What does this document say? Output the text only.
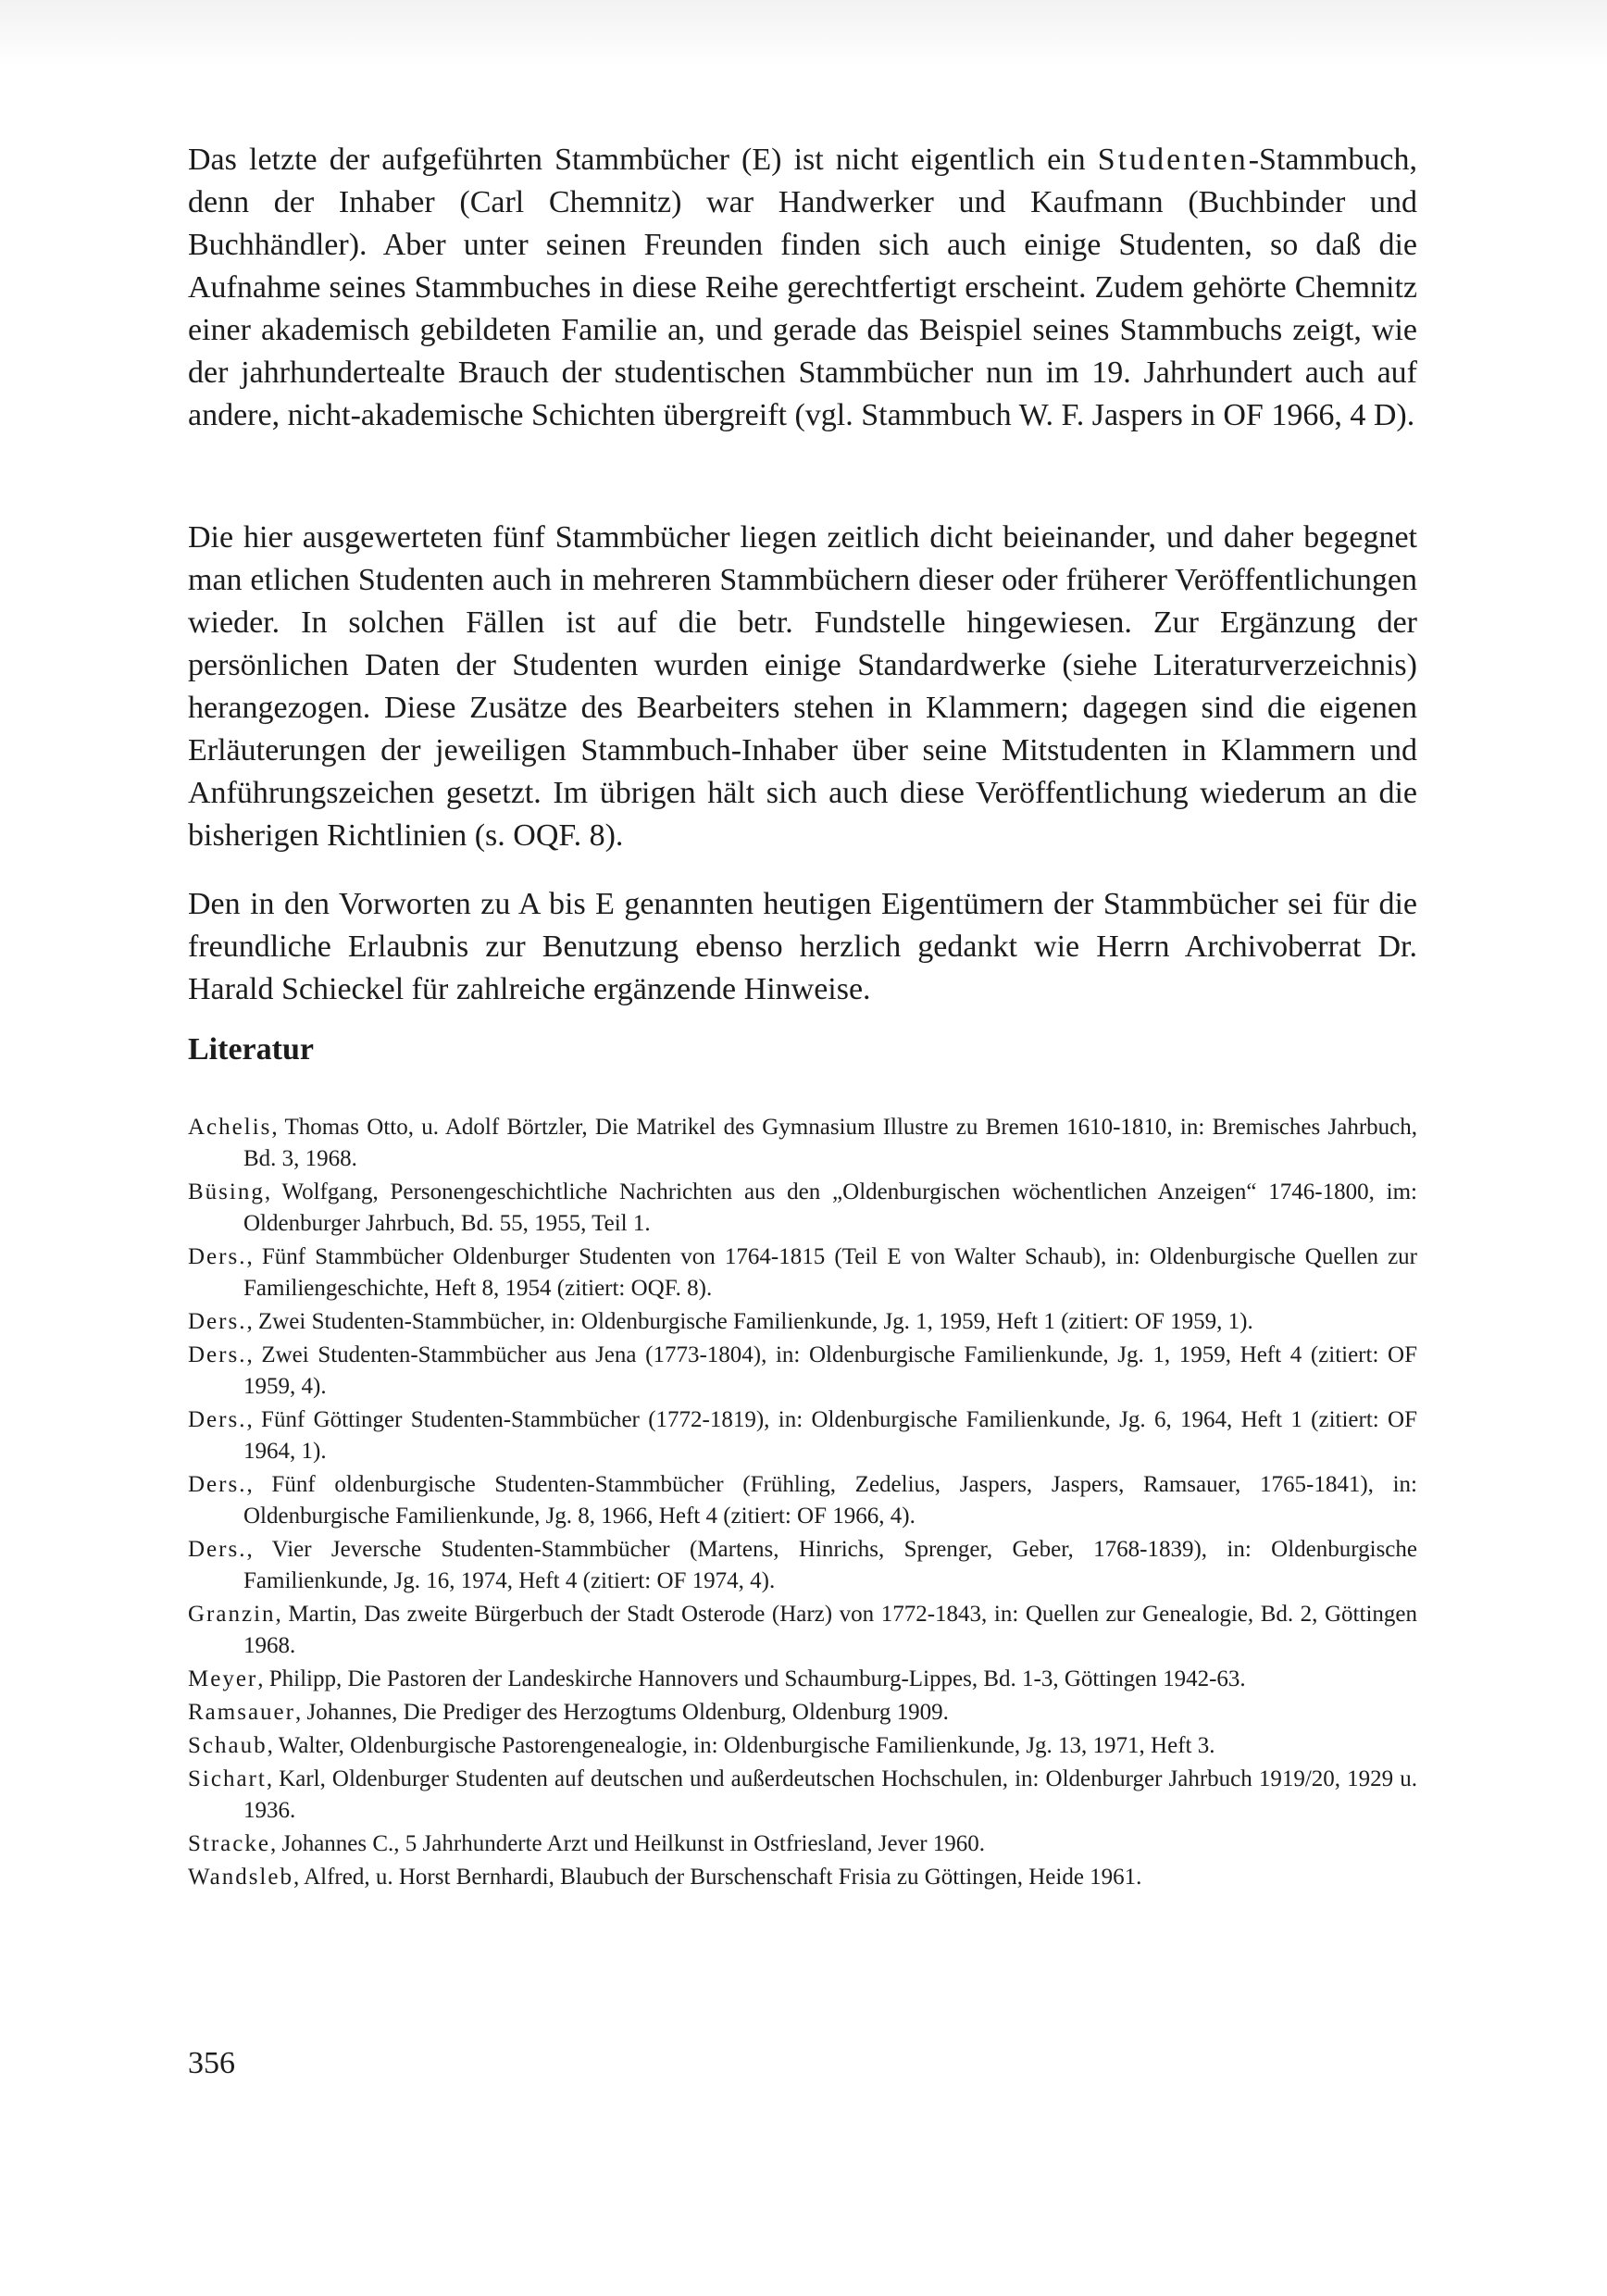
Das letzte der aufgeführten Stammbücher (E) ist nicht eigentlich ein Studenten-Stammbuch, denn der Inhaber (Carl Chemnitz) war Handwerker und Kaufmann (Buchbinder und Buchhändler). Aber unter seinen Freunden finden sich auch einige Studenten, so daß die Aufnahme seines Stammbuches in diese Reihe gerechtfertigt erscheint. Zudem gehörte Chemnitz einer akademisch gebildeten Familie an, und gerade das Beispiel seines Stammbuchs zeigt, wie der jahrhundertealte Brauch der studentischen Stammbücher nun im 19. Jahrhundert auch auf andere, nicht-akademische Schichten übergreift (vgl. Stammbuch W. F. Jaspers in OF 1966, 4 D).

Die hier ausgewerteten fünf Stammbücher liegen zeitlich dicht beieinander, und daher begegnet man etlichen Studenten auch in mehreren Stammbüchern dieser oder früherer Veröffentlichungen wieder. In solchen Fällen ist auf die betr. Fundstelle hingewiesen. Zur Ergänzung der persönlichen Daten der Studenten wurden einige Standardwerke (siehe Literaturverzeichnis) herangezogen. Diese Zusätze des Bearbeiters stehen in Klammern; dagegen sind die eigenen Erläuterungen der jeweiligen Stammbuch-Inhaber über seine Mitstudenten in Klammern und Anführungszeichen gesetzt. Im übrigen hält sich auch diese Veröffentlichung wiederum an die bisherigen Richtlinien (s. OQF. 8).

Den in den Vorworten zu A bis E genannten heutigen Eigentümern der Stammbücher sei für die freundliche Erlaubnis zur Benutzung ebenso herzlich gedankt wie Herrn Archivoberrat Dr. Harald Schieckel für zahlreiche ergänzende Hinweise.

Literatur
Achelis, Thomas Otto, u. Adolf Börtzler, Die Matrikel des Gymnasium Illustre zu Bremen 1610-1810, in: Bremisches Jahrbuch, Bd. 3, 1968.
Büsing, Wolfgang, Personengeschichtliche Nachrichten aus den „Oldenburgischen wöchentlichen Anzeigen“ 1746-1800, im: Oldenburger Jahrbuch, Bd. 55, 1955, Teil 1.
Ders., Fünf Stammbücher Oldenburger Studenten von 1764-1815 (Teil E von Walter Schaub), in: Oldenburgische Quellen zur Familiengeschichte, Heft 8, 1954 (zitiert: OQF. 8).
Ders., Zwei Studenten-Stammbücher, in: Oldenburgische Familienkunde, Jg. 1, 1959, Heft 1 (zitiert: OF 1959, 1).
Ders., Zwei Studenten-Stammbücher aus Jena (1773-1804), in: Oldenburgische Familienkunde, Jg. 1, 1959, Heft 4 (zitiert: OF 1959, 4).
Ders., Fünf Göttinger Studenten-Stammbücher (1772-1819), in: Oldenburgische Familienkunde, Jg. 6, 1964, Heft 1 (zitiert: OF 1964, 1).
Ders., Fünf oldenburgische Studenten-Stammbücher (Frühling, Zedelius, Jaspers, Jaspers, Ramsauer, 1765-1841), in: Oldenburgische Familienkunde, Jg. 8, 1966, Heft 4 (zitiert: OF 1966, 4).
Ders., Vier Jeversche Studenten-Stammbücher (Martens, Hinrichs, Sprenger, Geber, 1768-1839), in: Oldenburgische Familienkunde, Jg. 16, 1974, Heft 4 (zitiert: OF 1974, 4).
Granzin, Martin, Das zweite Bürgerbuch der Stadt Osterode (Harz) von 1772-1843, in: Quellen zur Genealogie, Bd. 2, Göttingen 1968.
Meyer, Philipp, Die Pastoren der Landeskirche Hannovers und Schaumburg-Lippes, Bd. 1-3, Göttingen 1942-63.
Ramsauer, Johannes, Die Prediger des Herzogtums Oldenburg, Oldenburg 1909.
Schaub, Walter, Oldenburgische Pastorengenealogie, in: Oldenburgische Familienkunde, Jg. 13, 1971, Heft 3.
Sichart, Karl, Oldenburger Studenten auf deutschen und außerdeutschen Hochschulen, in: Oldenburger Jahrbuch 1919/20, 1929 u. 1936.
Stracke, Johannes C., 5 Jahrhunderte Arzt und Heilkunst in Ostfriesland, Jever 1960.
Wandsleb, Alfred, u. Horst Bernhardi, Blaubuch der Burschenschaft Frisia zu Göttingen, Heide 1961.
356
